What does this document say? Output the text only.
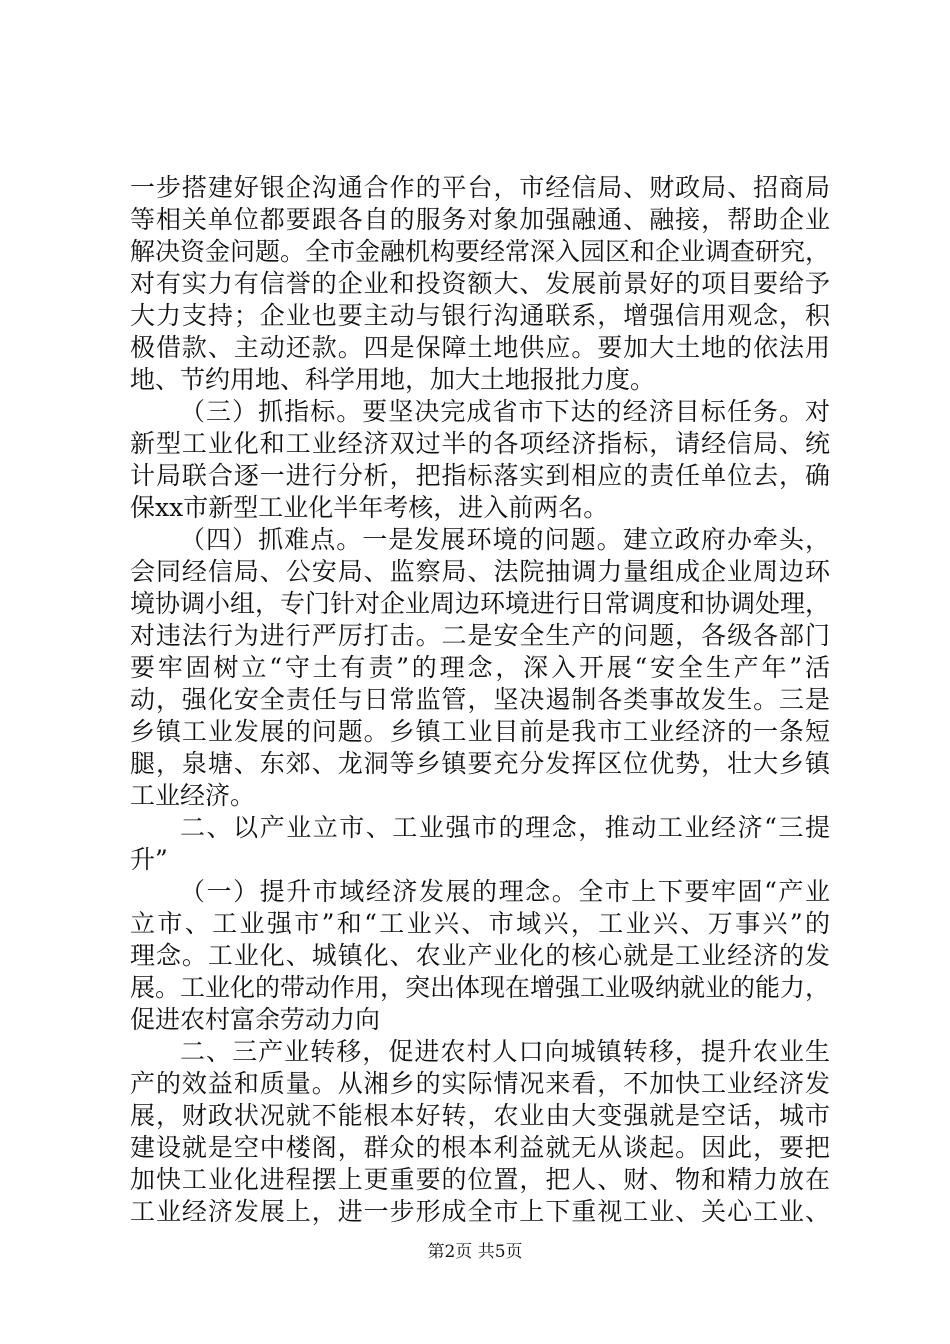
一步搭建好银企沟通合作的平台，市经信局、财政局、招商局
等相关单位都要跟各自的服务对象加强融通、融接，帮助企业
解决资金问题。全市金融机构要经常深入园区和企业调查研究，
对有实力有信誉的企业和投资额大、发展前景好的项目要给予
大力支持；企业也要主动与银行沟通联系，增强信用观念，积
极借款、主动还款。四是保障土地供应。要加大土地的依法用
地、节约用地、科学用地，加大土地报批力度。
（三）抓指标。要坚决完成省市下达的经济目标任务。对
新型工业化和工业经济双过半的各项经济指标，请经信局、统
计局联合逐一进行分析，把指标落实到相应的责任单位去，确
保xx市新型工业化半年考核，进入前两名。
（四）抓难点。一是发展环境的问题。建立政府办牵头，
会同经信局、公安局、监察局、法院抽调力量组成企业周边环
境协调小组，专门针对企业周边环境进行日常调度和协调处理，
对违法行为进行严厉打击。二是安全生产的问题，各级各部门
要牢固树立“守土有责”的理念，深入开展“安全生产年”活
动，强化安全责任与日常监管，坚决遏制各类事故发生。三是
乡镇工业发展的问题。乡镇工业目前是我市工业经济的一条短
腿，泉塘、东郊、龙洞等乡镇要充分发挥区位优势，壮大乡镇
工业经济。
二、以产业立市、工业强市的理念，推动工业经济“三提
升”
（一）提升市域经济发展的理念。全市上下要牢固“产业
立市、工业强市”和“工业兴、市域兴，工业兴、万事兴”的
理念。工业化、城镇化、农业产业化的核心就是工业经济的发
展。工业化的带动作用，突出体现在增强工业吸纳就业的能力，
促进农村富余劳动力向
二、三产业转移，促进农村人口向城镇转移，提升农业生
产的效益和质量。从湘乡的实际情况来看，不加快工业经济发
展，财政状况就不能根本好转，农业由大变强就是空话，城市
建设就是空中楼阁，群众的根本利益就无从谈起。因此，要把
加快工业化进程摆上更重要的位置，把人、财、物和精力放在
工业经济发展上，进一步形成全市上下重视工业、关心工业、
第2页 共5页
